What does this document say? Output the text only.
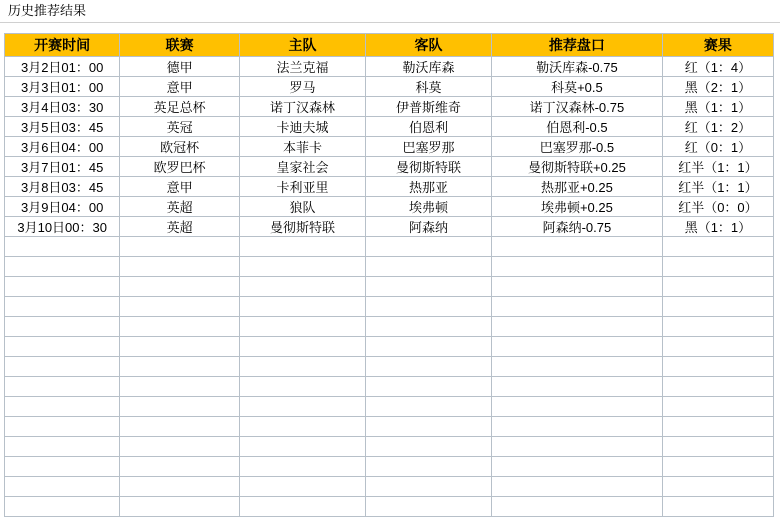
历史推荐结果
开赛时间	联赛	主队	客队	推荐盘口	赛果
3月2日01：00	德甲	法兰克福	勒沃库森	勒沃库森-0.75	红（1：4）
3月3日01：00	意甲	罗马	科莫	科莫+0.5	黑（2：1）
3月4日03：30	英足总杯	诺丁汉森林	伊普斯维奇	诺丁汉森林-0.75	黑（1：1）
3月5日03：45	英冠	卡迪夫城	伯恩利	伯恩利-0.5	红（1：2）
3月6日04：00	欧冠杯	本菲卡	巴塞罗那	巴塞罗那-0.5	红（0：1）
3月7日01：45	欧罗巴杯	皇家社会	曼彻斯特联	曼彻斯特联+0.25	红半（1：1）
3月8日03：45	意甲	卡利亚里	热那亚	热那亚+0.25	红半（1：1）
3月9日04：00	英超	狼队	埃弗顿	埃弗顿+0.25	红半（0：0）
3月10日00：30	英超	曼彻斯特联	阿森纳	阿森纳-0.75	黑（1：1）
